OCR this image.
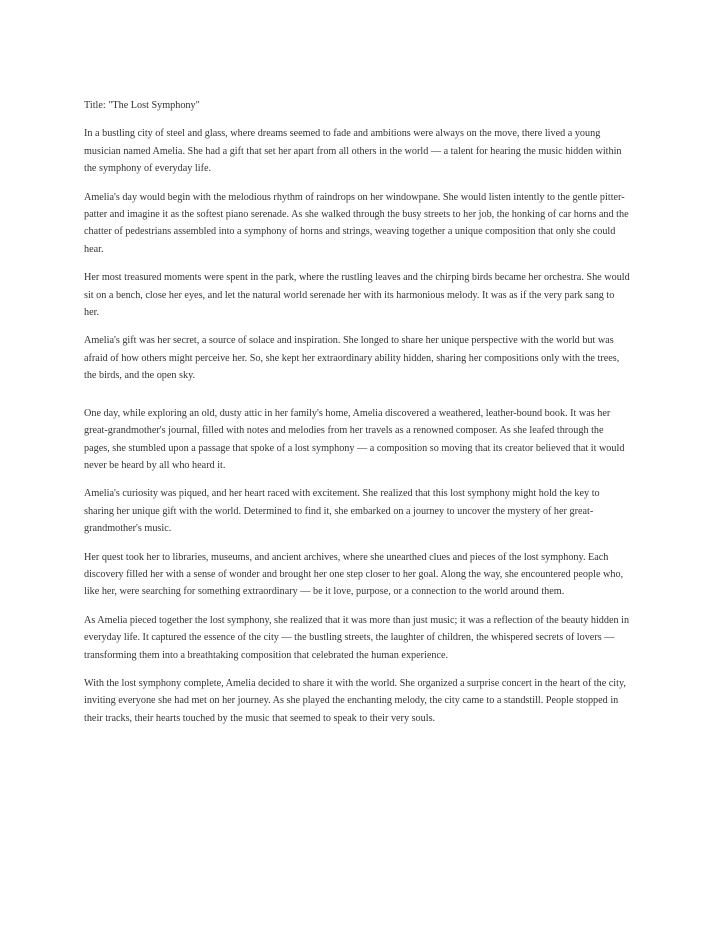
Title: "The Lost Symphony"

In a bustling city of steel and glass, where dreams seemed to fade and ambitions were always on the move, there lived a young musician named Amelia. She had a gift that set her apart from all others in the world — a talent for hearing the music hidden within the symphony of everyday life.

Amelia's day would begin with the melodious rhythm of raindrops on her windowpane. She would listen intently to the gentle pitter-patter and imagine it as the softest piano serenade. As she walked through the busy streets to her job, the honking of car horns and the chatter of pedestrians assembled into a symphony of horns and strings, weaving together a unique composition that only she could hear.

Her most treasured moments were spent in the park, where the rustling leaves and the chirping birds became her orchestra. She would sit on a bench, close her eyes, and let the natural world serenade her with its harmonious melody. It was as if the very park sang to her.

Amelia's gift was her secret, a source of solace and inspiration. She longed to share her unique perspective with the world but was afraid of how others might perceive her. So, she kept her extraordinary ability hidden, sharing her compositions only with the trees, the birds, and the open sky.

One day, while exploring an old, dusty attic in her family's home, Amelia discovered a weathered, leather-bound book. It was her great-grandmother's journal, filled with notes and melodies from her travels as a renowned composer. As she leafed through the pages, she stumbled upon a passage that spoke of a lost symphony — a composition so moving that its creator believed that it would never be heard by all who heard it.

Amelia's curiosity was piqued, and her heart raced with excitement. She realized that this lost symphony might hold the key to sharing her unique gift with the world. Determined to find it, she embarked on a journey to uncover the mystery of her great-grandmother's music.

Her quest took her to libraries, museums, and ancient archives, where she unearthed clues and pieces of the lost symphony. Each discovery filled her with a sense of wonder and brought her one step closer to her goal. Along the way, she encountered people who, like her, were searching for something extraordinary — be it love, purpose, or a connection to the world around them.

As Amelia pieced together the lost symphony, she realized that it was more than just music; it was a reflection of the beauty hidden in everyday life. It captured the essence of the city — the bustling streets, the laughter of children, the whispered secrets of lovers — transforming them into a breathtaking composition that celebrated the human experience.

With the lost symphony complete, Amelia decided to share it with the world. She organized a surprise concert in the heart of the city, inviting everyone she had met on her journey. As she played the enchanting melody, the city came to a standstill. People stopped in their tracks, their hearts touched by the music that seemed to speak to their very souls.
